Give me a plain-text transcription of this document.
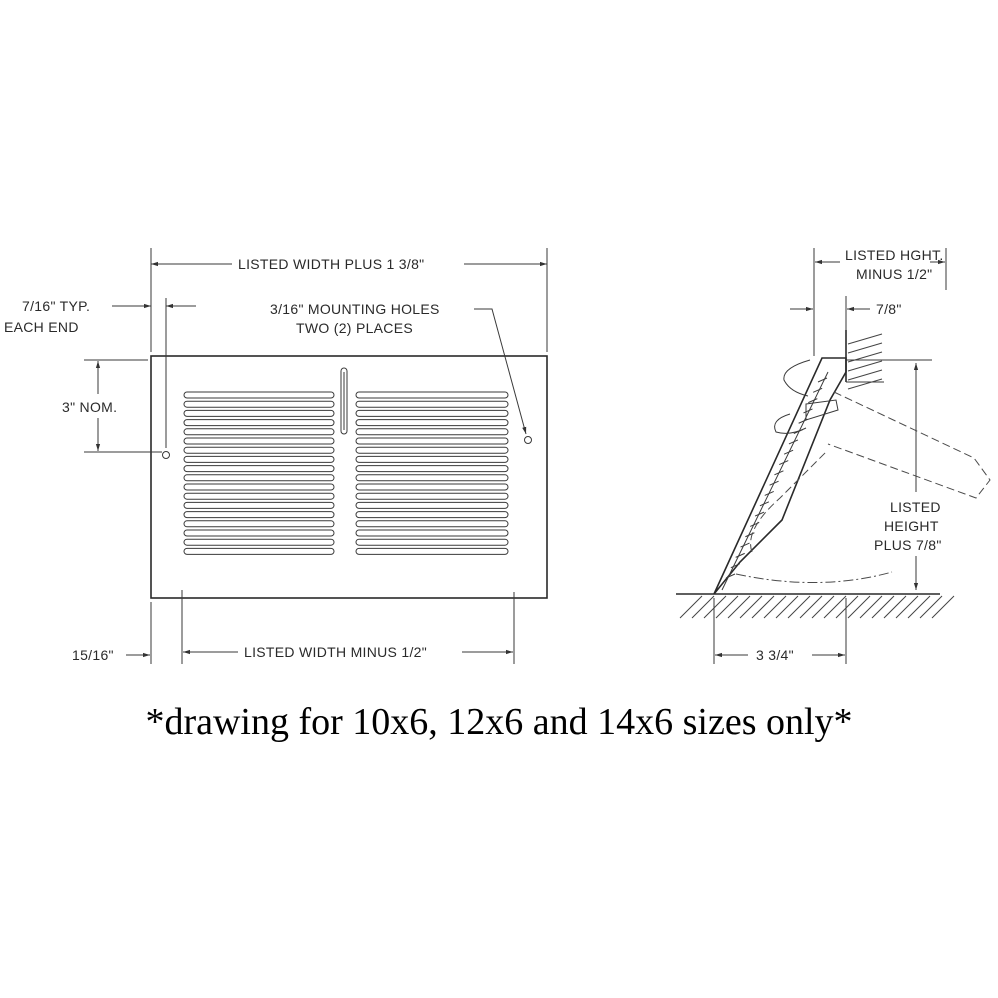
LISTED WIDTH PLUS 1 3/8"
7/16" TYP.
EACH END
3/16" MOUNTING HOLES
TWO (2) PLACES
3" NOM.
15/16"	LISTED WIDTH MINUS 1/2"
LISTED HGHT.
MINUS 1/2"
7/8"
LISTED
HEIGHT
PLUS 7/8"
3 3/4"
*drawing for 10x6, 12x6 and 14x6 sizes only*
